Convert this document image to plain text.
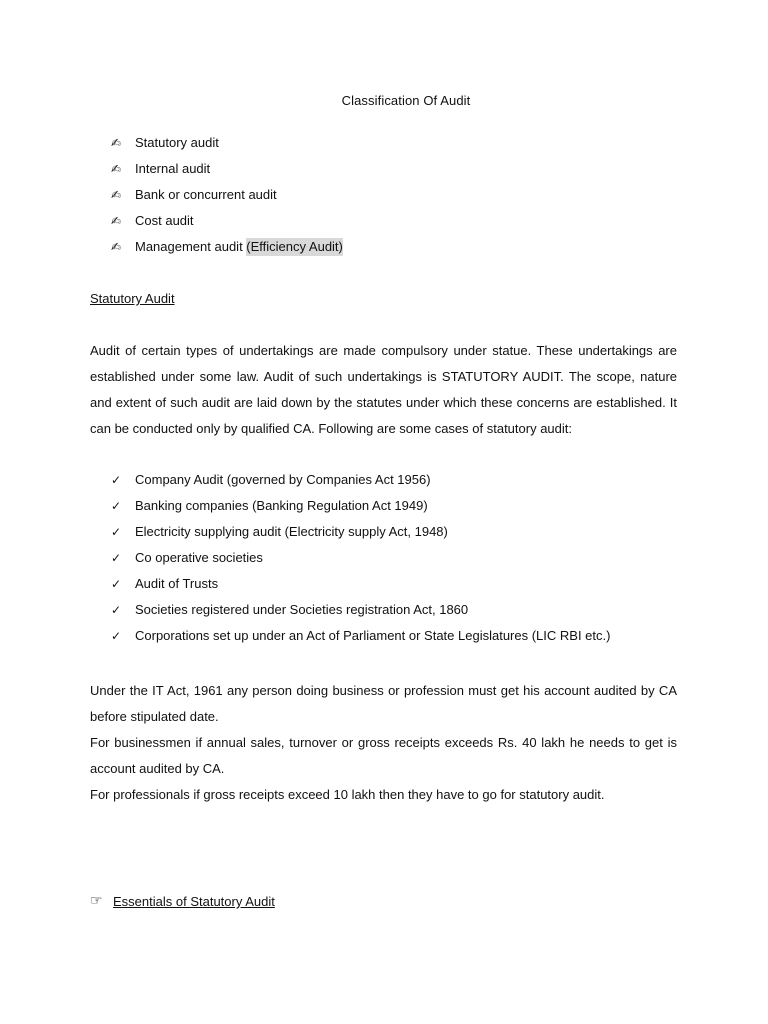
Classification Of Audit
✍	Statutory audit
✍	Internal audit
✍	Bank or concurrent audit
✍	Cost audit
✍	Management audit (Efficiency Audit)
Statutory Audit

Audit of certain types of undertakings are made compulsory under statue. These undertakings are established under some law. Audit of such undertakings is STATUTORY AUDIT. The scope, nature and extent of such audit are laid down by the statutes under which these concerns are established. It can be conducted only by qualified CA. Following are some cases of statutory audit:

✓	Company Audit (governed by Companies Act 1956)
✓	Banking companies (Banking Regulation Act 1949)
✓	Electricity supplying audit (Electricity supply Act, 1948)
✓	Co operative societies
✓	Audit of Trusts
✓	Societies registered under Societies registration Act, 1860
✓	Corporations set up under an Act of Parliament or State Legislatures (LIC RBI etc.)

Under the IT Act, 1961 any person doing business or profession must get his account audited by CA before stipulated date.

For businessmen if annual sales, turnover or gross receipts exceeds Rs. 40 lakh he needs to get is account audited by CA.

For professionals if gross receipts exceed 10 lakh then they have to go for statutory audit.

☞ Essentials of Statutory Audit
